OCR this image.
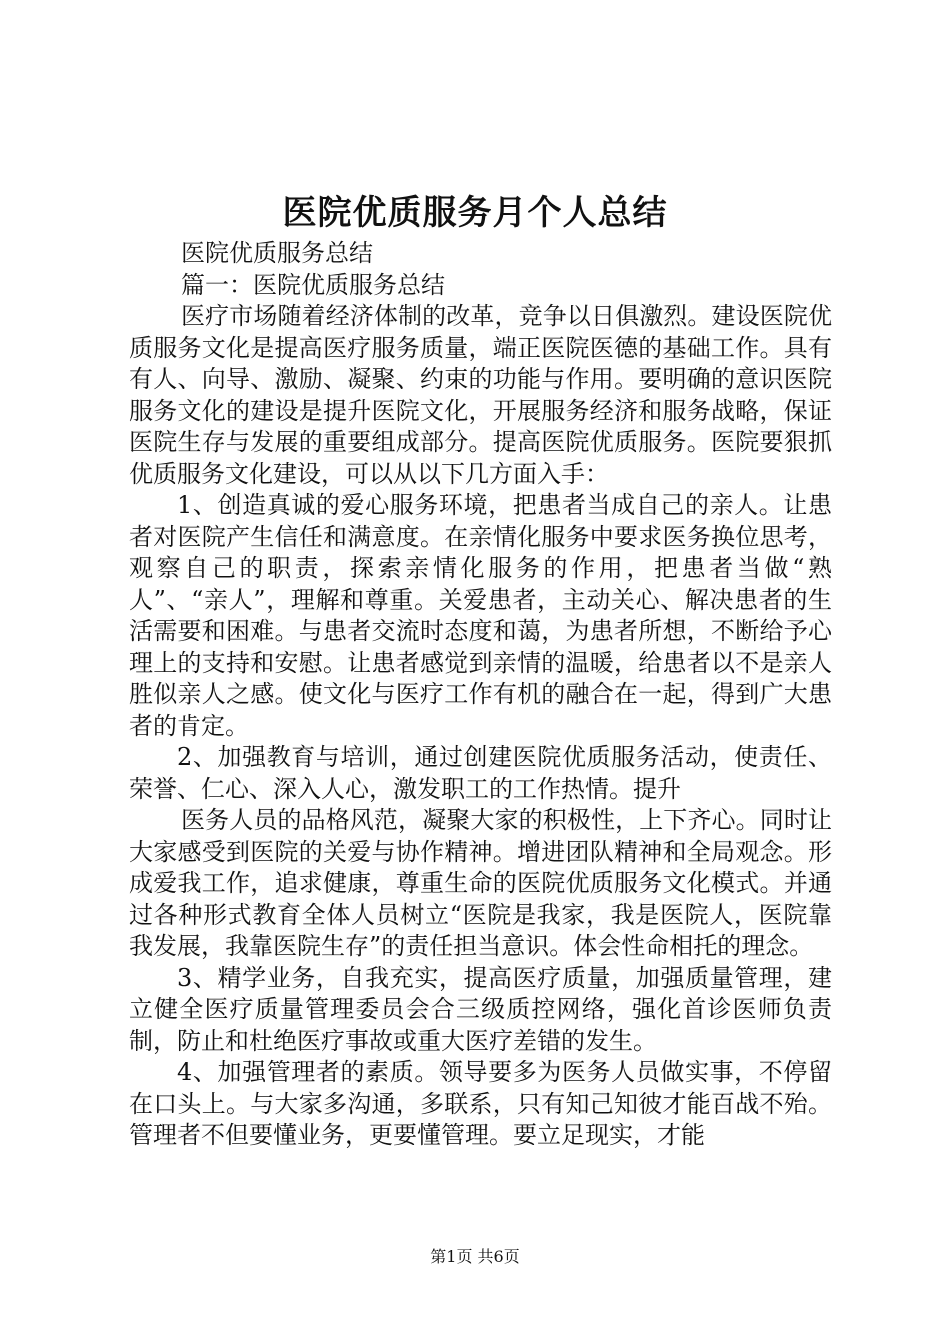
医院优质服务月个人总结

医院优质服务总结

篇一：医院优质服务总结

医疗市场随着经济体制的改革，竞争以日俱激烈。建设医院优质服务文化是提高医疗服务质量，端正医院医德的基础工作。具有有人、向导、激励、凝聚、约束的功能与作用。要明确的意识医院服务文化的建设是提升医院文化，开展服务经济和服务战略，保证医院生存与发展的重要组成部分。提高医院优质服务。医院要狠抓优质服务文化建设，可以从以下几方面入手：

1、创造真诚的爱心服务环境，把患者当成自己的亲人。让患者对医院产生信任和满意度。在亲情化服务中要求医务换位思考，观察自己的职责，探索亲情化服务的作用，把患者当做“熟人”、“亲人”，理解和尊重。关爱患者，主动关心、解决患者的生活需要和困难。与患者交流时态度和蔼，为患者所想，不断给予心理上的支持和安慰。让患者感觉到亲情的温暖，给患者以不是亲人胜似亲人之感。使文化与医疗工作有机的融合在一起，得到广大患者的肯定。

2、加强教育与培训，通过创建医院优质服务活动，使责任、荣誉、仁心、深入人心，激发职工的工作热情。提升

医务人员的品格风范，凝聚大家的积极性，上下齐心。同时让大家感受到医院的关爱与协作精神。增进团队精神和全局观念。形成爱我工作，追求健康，尊重生命的医院优质服务文化模式。并通过各种形式教育全体人员树立“医院是我家，我是医院人，医院靠我发展，我靠医院生存”的责任担当意识。体会性命相托的理念。

3、精学业务，自我充实，提高医疗质量，加强质量管理，建立健全医疗质量管理委员会合三级质控网络，强化首诊医师负责制，防止和杜绝医疗事故或重大医疗差错的发生。

4、加强管理者的素质。领导要多为医务人员做实事，不停留在口头上。与大家多沟通，多联系，只有知己知彼才能百战不殆。管理者不但要懂业务，更要懂管理。要立足现实，才能

第1页 共6页
